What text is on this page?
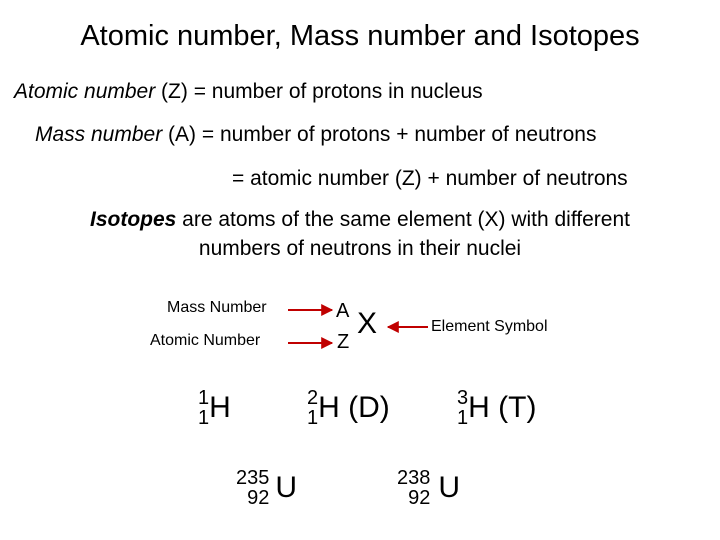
Atomic number, Mass number and Isotopes
Atomic number (Z) = number of protons in nucleus
Mass number (A) = number of protons + number of neutrons
= atomic number (Z) + number of neutrons
Isotopes are atoms of the same element (X) with different
numbers of neutrons in their nuclei
Mass Number
Atomic Number
A
Z
X	Element Symbol
1
1 H	2
1 H (D)	3
1 H (T)
235
92 U	238
92 U
